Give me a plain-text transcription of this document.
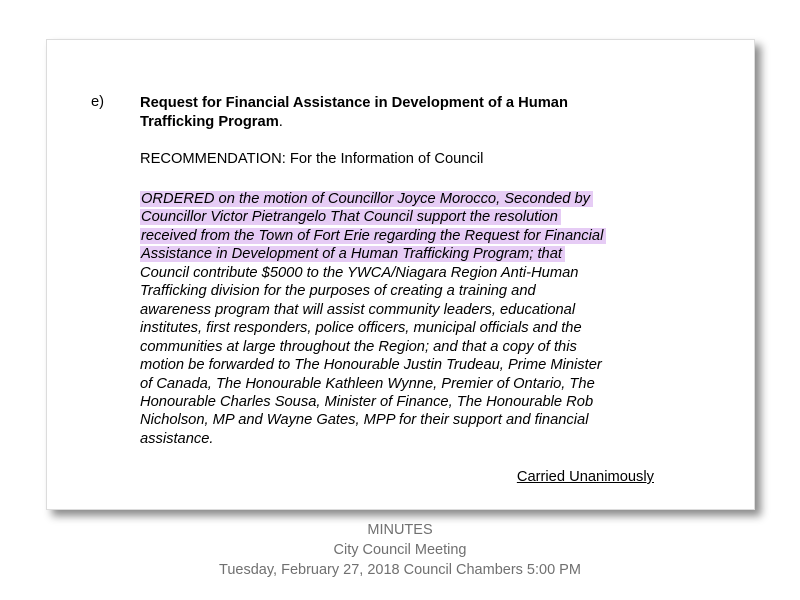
e) Request for Financial Assistance in Development of a Human Trafficking Program.
RECOMMENDATION: For the Information of Council
ORDERED on the motion of Councillor Joyce Morocco, Seconded by
Councillor Victor Pietrangelo That Council support the resolution
received from the Town of Fort Erie regarding the Request for Financial
Assistance in Development of a Human Trafficking Program; that
Council contribute $5000 to the YWCA/Niagara Region Anti-Human
Trafficking division for the purposes of creating a training and
awareness program that will assist community leaders, educational
institutes, first responders, police officers, municipal officials and the
communities at large throughout the Region; and that a copy of this
motion be forwarded to The Honourable Justin Trudeau, Prime Minister
of Canada, The Honourable Kathleen Wynne, Premier of Ontario, The
Honourable Charles Sousa, Minister of Finance, The Honourable Rob
Nicholson, MP and Wayne Gates, MPP for their support and financial
assistance.
Carried Unanimously
MINUTES
City Council Meeting
Tuesday, February 27, 2018 Council Chambers 5:00 PM
